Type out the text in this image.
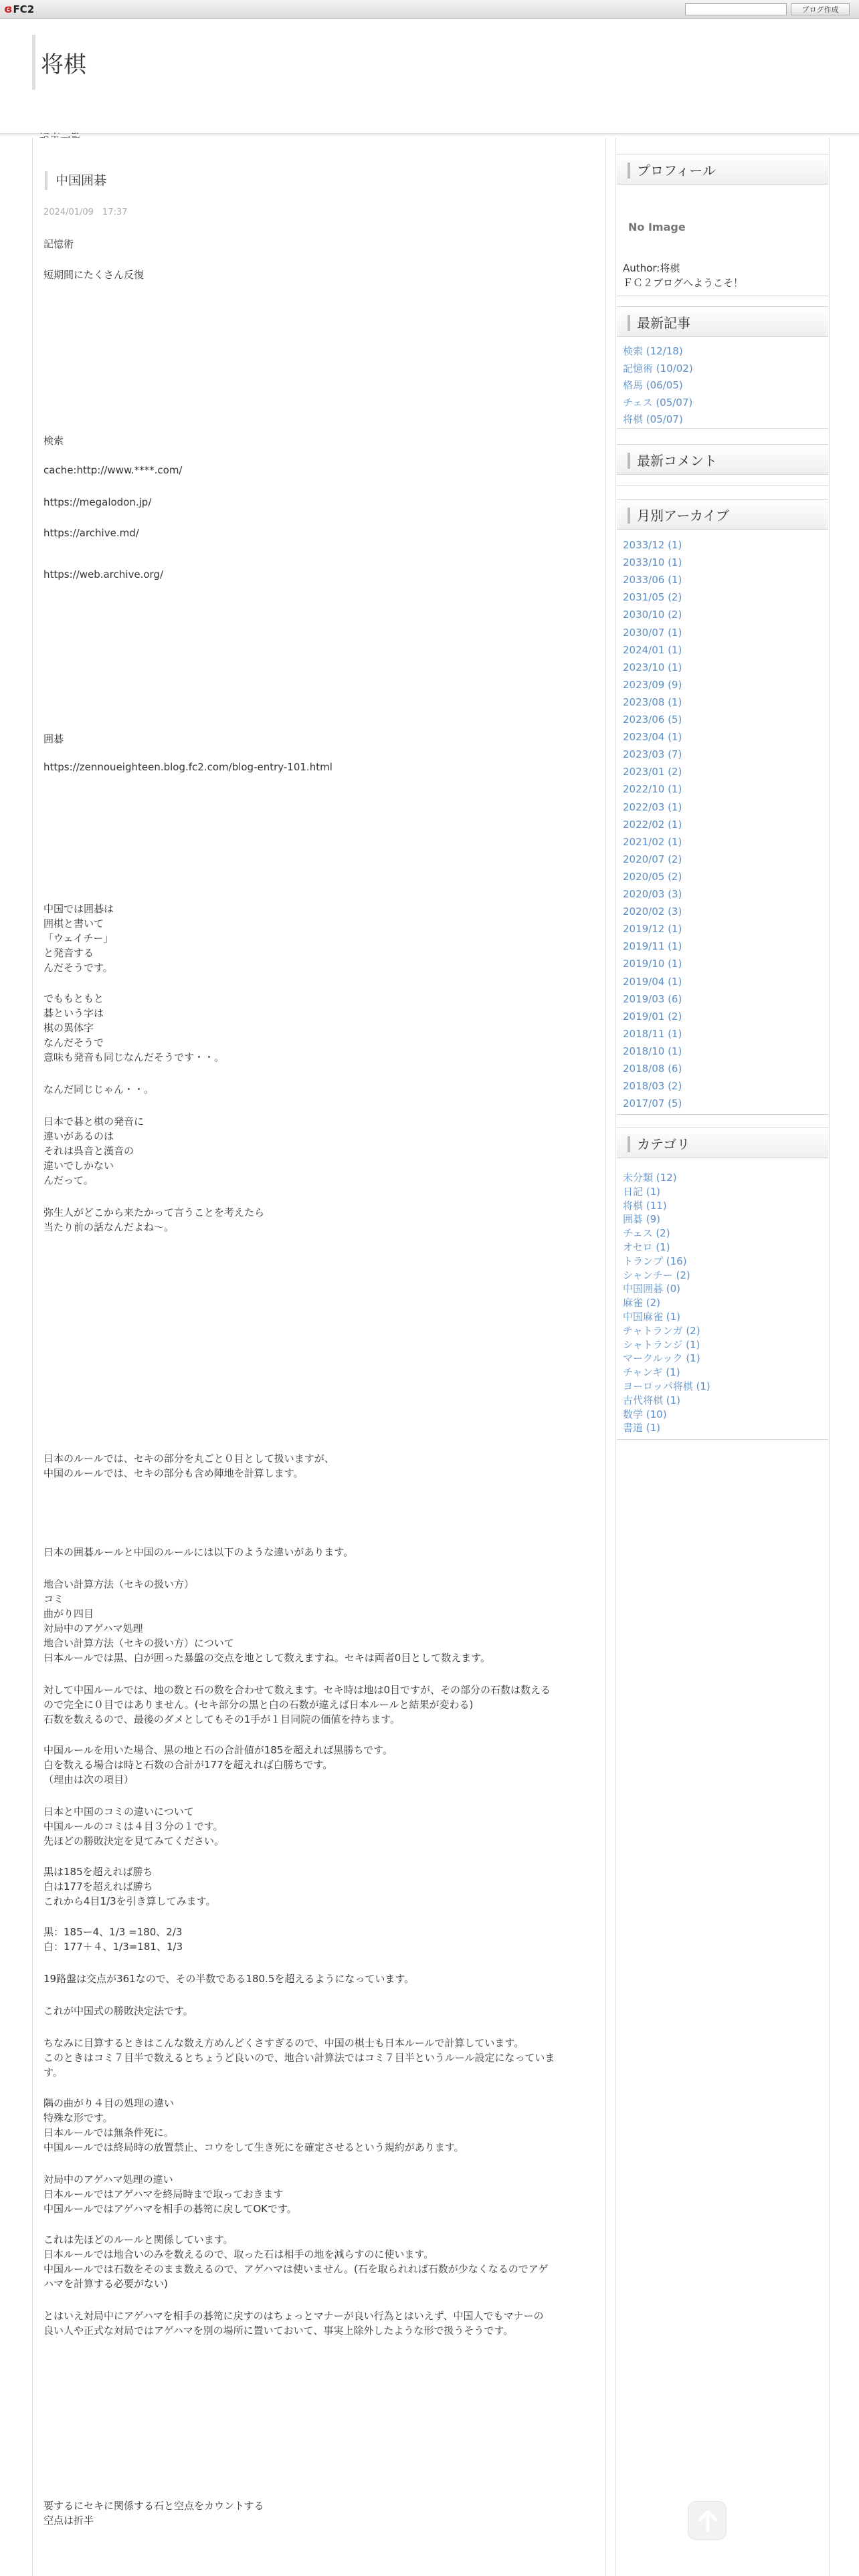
ɞ FC2	ブログ作成
将棋
中国囲碁
2024/01/09　17:37
記憶術
短期間にたくさん反復
検索
cache:http://www.****.com/
https://megalodon.jp/
https://archive.md/
https://web.archive.org/
囲碁
https://zennoueighteen.blog.fc2.com/blog-entry-101.html
中国では囲碁は
囲棋と書いて
「ウェイチー」
と発音する
んだそうです。
でももともと
碁という字は
棋の異体字
なんだそうで
意味も発音も同じなんだそうです・・。
なんだ同じじゃん・・。
日本で碁と棋の発音に
違いがあるのは
それは呉音と漢音の
違いでしかない
んだって。
弥生人がどこから来たかって言うことを考えたら
当たり前の話なんだよね〜。
日本のルールでは、セキの部分を丸ごと０目として扱いますが、
中国のルールでは、セキの部分も含め陣地を計算します。
日本の囲碁ルールと中国のルールには以下のような違いがあります。
地合い計算方法（セキの扱い方）
コミ
曲がり四目
対局中のアゲハマ処理
地合い計算方法（セキの扱い方）について
日本ルールでは黒、白が囲った暴盤の交点を地として数えますね。セキは両者0目として数えます。
対して中国ルールでは、地の数と石の数を合わせて数えます。セキ時は地は0目ですが、その部分の石数は数える
ので完全に０目ではありません。(セキ部分の黒と白の石数が違えば日本ルールと結果が変わる)
石数を数えるので、最後のダメとしてもその1手が１目同院の価値を持ちます。
中国ルールを用いた場合、黒の地と石の合計値が185を超えれば黒勝ちです。
白を数える場合は時と石数の合計が177を超えれば白勝ちです。
（理由は次の項目）
日本と中国のコミの違いについて
中国ルールのコミは４目３分の１です。
先ほどの勝敗決定を見てみてください。
黒は185を超えれば勝ち
白は177を超えれば勝ち
これから4目1/3を引き算してみます。
黒：185ー4、1/3 =180、2/3
白：177＋４、1/3=181、1/3
19路盤は交点が361なので、その半数である180.5を超えるようになっています。
これが中国式の勝敗決定法です。
ちなみに目算するときはこんな数え方めんどくさすぎるので、中国の棋士も日本ルールで計算しています。
このときはコミ７目半で数えるとちょうど良いので、地合い計算法ではコミ７目半というルール設定になっていま
す。
隅の曲がり４目の処理の違い
特殊な形です。
日本ルールでは無条件死に。
中国ルールでは終局時の放置禁止、コウをして生き死にを確定させるという規約があります。
対局中のアゲハマ処理の違い
日本ルールではアゲハマを終局時まで取っておきます
中国ルールではアゲハマを相手の碁笥に戻してOKです。
これは先ほどのルールと関係しています。
日本ルールでは地合いのみを数えるので、取った石は相手の地を減らすのに使います。
中国ルールでは石数をそのまま数えるので、アゲハマは使いません。(石を取られれば石数が少なくなるのでアゲ
ハマを計算する必要がない)
とはいえ対局中にアゲハマを相手の碁笥に戻すのはちょっとマナーが良い行為とはいえず、中国人でもマナーの
良い人や正式な対局ではアゲハマを別の場所に置いておいて、事実上除外したような形で扱うそうです。
要するにセキに関係する石と空点をカウントする
空点は折半
プロフィール
No Image
Author:将棋
ＦＣ２ブログへようこそ！
最新記事
検索 (12/18)
記憶術 (10/02)
格馬 (06/05)
チェス (05/07)
将棋 (05/07)
最新コメント
月別アーカイブ
2033/12 (1)
2033/10 (1)
2033/06 (1)
2031/05 (2)
2030/10 (2)
2030/07 (1)
2024/01 (1)
2023/10 (1)
2023/09 (9)
2023/08 (1)
2023/06 (5)
2023/04 (1)
2023/03 (7)
2023/01 (2)
2022/10 (1)
2022/03 (1)
2022/02 (1)
2021/02 (1)
2020/07 (2)
2020/05 (2)
2020/03 (3)
2020/02 (3)
2019/12 (1)
2019/11 (1)
2019/10 (1)
2019/04 (1)
2019/03 (6)
2019/01 (2)
2018/11 (1)
2018/10 (1)
2018/08 (6)
2018/03 (2)
2017/07 (5)
カテゴリ
未分類 (12)
日記 (1)
将棋 (11)
囲碁 (9)
チェス (2)
オセロ (1)
トランプ (16)
シャンチー (2)
中国囲碁 (0)
麻雀 (2)
中国麻雀 (1)
チャトランガ (2)
シャトランジ (1)
マークルック (1)
チャンギ (1)
ヨーロッパ将棋 (1)
古代将棋 (1)
数学 (10)
書道 (1)
